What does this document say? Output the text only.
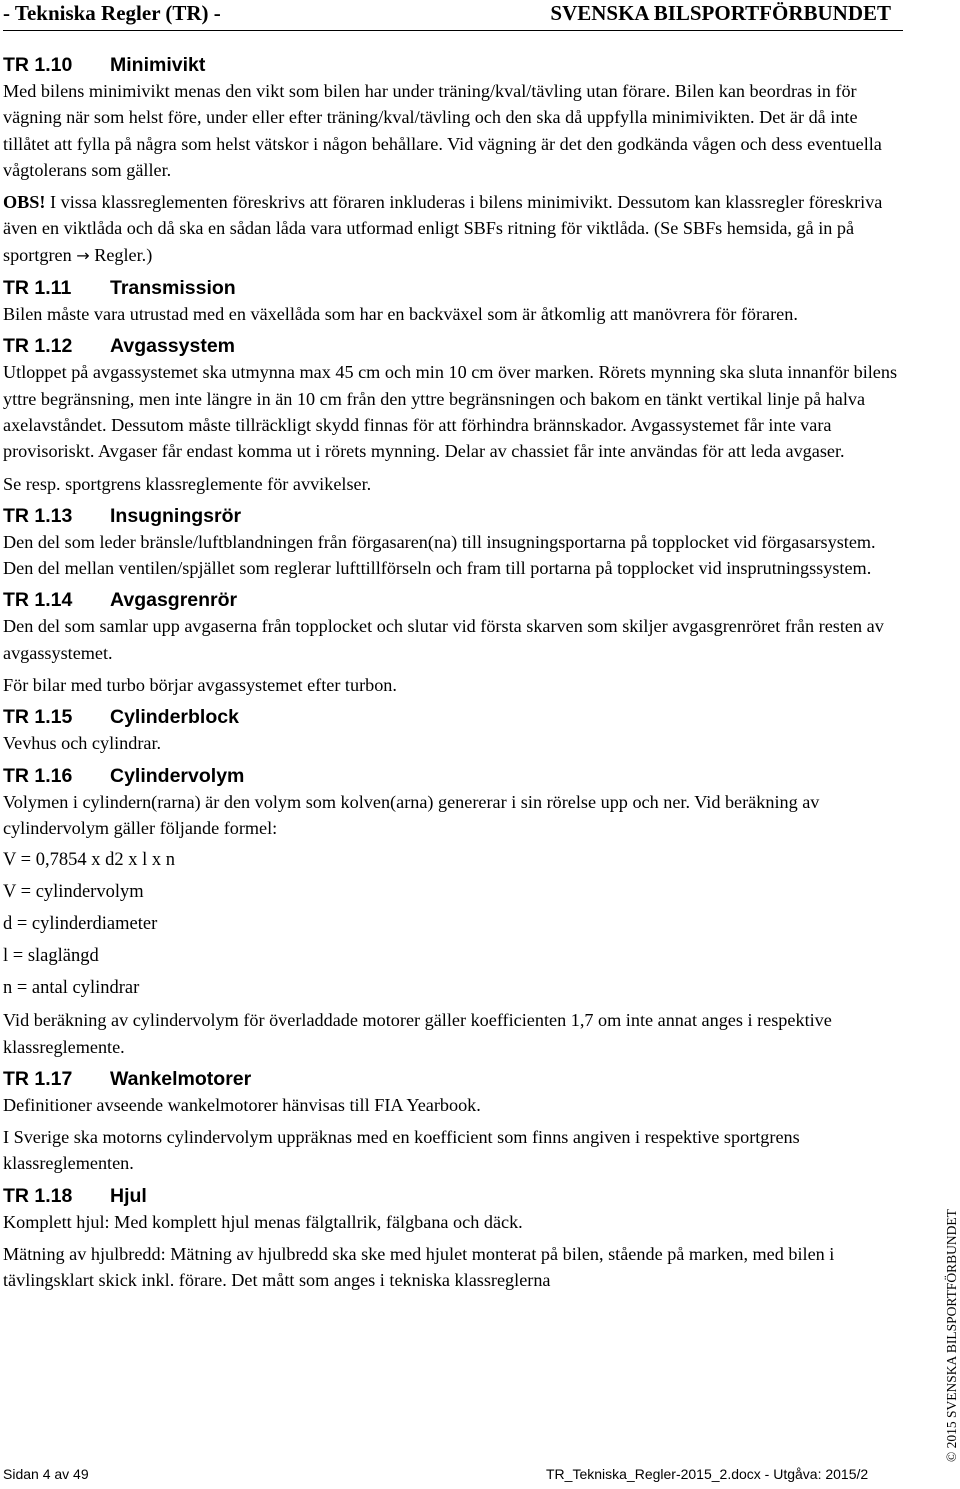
- Tekniska Regler (TR) -	SVENSKA BILSPORTFÖRBUNDET
TR 1.10 Minimivikt

Med bilens minimivikt menas den vikt som bilen har under träning/kval/tävling utan förare. Bilen kan beordras in för vägning när som helst före, under eller efter träning/kval/tävling och den ska då uppfylla minimivikten. Det är då inte tillåtet att fylla på några som helst vätskor i någon behållare. Vid vägning är det den godkända vågen och dess eventuella vågtolerans som gäller.

OBS! I vissa klassreglementen föreskrivs att föraren inkluderas i bilens minimivikt. Dessutom kan klassregler föreskriva även en viktlåda och då ska en sådan låda vara utformad enligt SBFs ritning för viktlåda. (Se SBFs hemsida, gå in på sportgren → Regler.)

TR 1.11 Transmission

Bilen måste vara utrustad med en växellåda som har en backväxel som är åtkomlig att manövrera för föraren.

TR 1.12 Avgassystem

Utloppet på avgassystemet ska utmynna max 45 cm och min 10 cm över marken. Rörets mynning ska sluta innanför bilens yttre begränsning, men inte längre in än 10 cm från den yttre begränsningen och bakom en tänkt vertikal linje på halva axelavståndet. Dessutom måste tillräckligt skydd finnas för att förhindra brännskador. Avgassystemet får inte vara provisoriskt. Avgaser får endast komma ut i rörets mynning. Delar av chassiet får inte användas för att leda avgaser.

Se resp. sportgrens klassreglemente för avvikelser.

TR 1.13 Insugningsrör

Den del som leder bränsle/luftblandningen från förgasaren(na) till insugningsportarna på topplocket vid förgasarsystem. Den del mellan ventilen/spjället som reglerar lufttillförseln och fram till portarna på topplocket vid insprutningssystem.

TR 1.14 Avgasgrenrör

Den del som samlar upp avgaserna från topplocket och slutar vid första skarven som skiljer avgasgrenröret från resten av avgassystemet.

För bilar med turbo börjar avgassystemet efter turbon.

TR 1.15 Cylinderblock

Vevhus och cylindrar.

TR 1.16 Cylindervolym

Volymen i cylindern(rarna) är den volym som kolven(arna) genererar i sin rörelse upp och ner. Vid beräkning av cylindervolym gäller följande formel:

V = 0,7854 x d2 x l x n

V = cylindervolym

d = cylinderdiameter

l = slaglängd

n = antal cylindrar

Vid beräkning av cylindervolym för överladdade motorer gäller koefficienten 1,7 om inte annat anges i respektive klassreglemente.

TR 1.17 Wankelmotorer

Definitioner avseende wankelmotorer hänvisas till FIA Yearbook.

I Sverige ska motorns cylindervolym uppräknas med en koefficient som finns angiven i respektive sportgrens klassreglementen.

TR 1.18 Hjul

Komplett hjul: Med komplett hjul menas fälgtallrik, fälgbana och däck.

Mätning av hjulbredd: Mätning av hjulbredd ska ske med hjulet monterat på bilen, stående på marken, med bilen i tävlingsklart skick inkl. förare. Det mått som anges i tekniska klassreglerna	© 2015 SVENSKA BILSPORTFÖRBUNDET
Sidan 4 av 49	TR_Tekniska_Regler-2015_2.docx - Utgåva: 2015/2
